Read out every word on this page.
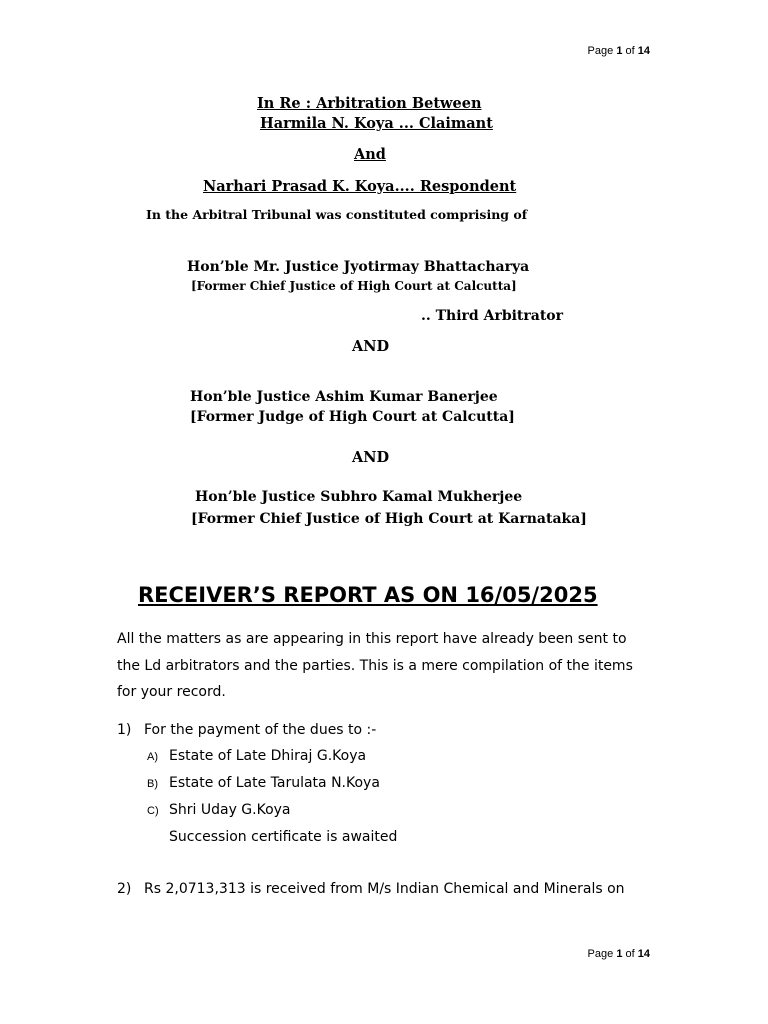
Page 1 of 14
In Re : Arbitration Between
Harmila N. Koya ... Claimant
And
Narhari Prasad K. Koya.... Respondent
In the Arbitral Tribunal was constituted comprising of
Hon’ble Mr. Justice Jyotirmay Bhattacharya
[Former Chief Justice of High Court at Calcutta]
.. Third Arbitrator
AND
Hon’ble Justice Ashim Kumar Banerjee
[Former Judge of High Court at Calcutta]
AND
Hon’ble Justice Subhro Kamal Mukherjee
[Former Chief Justice of High Court at Karnataka]
RECEIVER’S REPORT AS ON 16/05/2025
All the matters as are appearing in this report have already been sent to
the Ld arbitrators and the parties. This is a mere compilation of the items
for your record.
1) For the payment of the dues to :-
A) Estate of Late Dhiraj G.Koya
B) Estate of Late Tarulata N.Koya
C) Shri Uday G.Koya
Succession certificate is awaited
2) Rs 2,0713,313 is received from M/s Indian Chemical and Minerals on
Page 1 of 14
